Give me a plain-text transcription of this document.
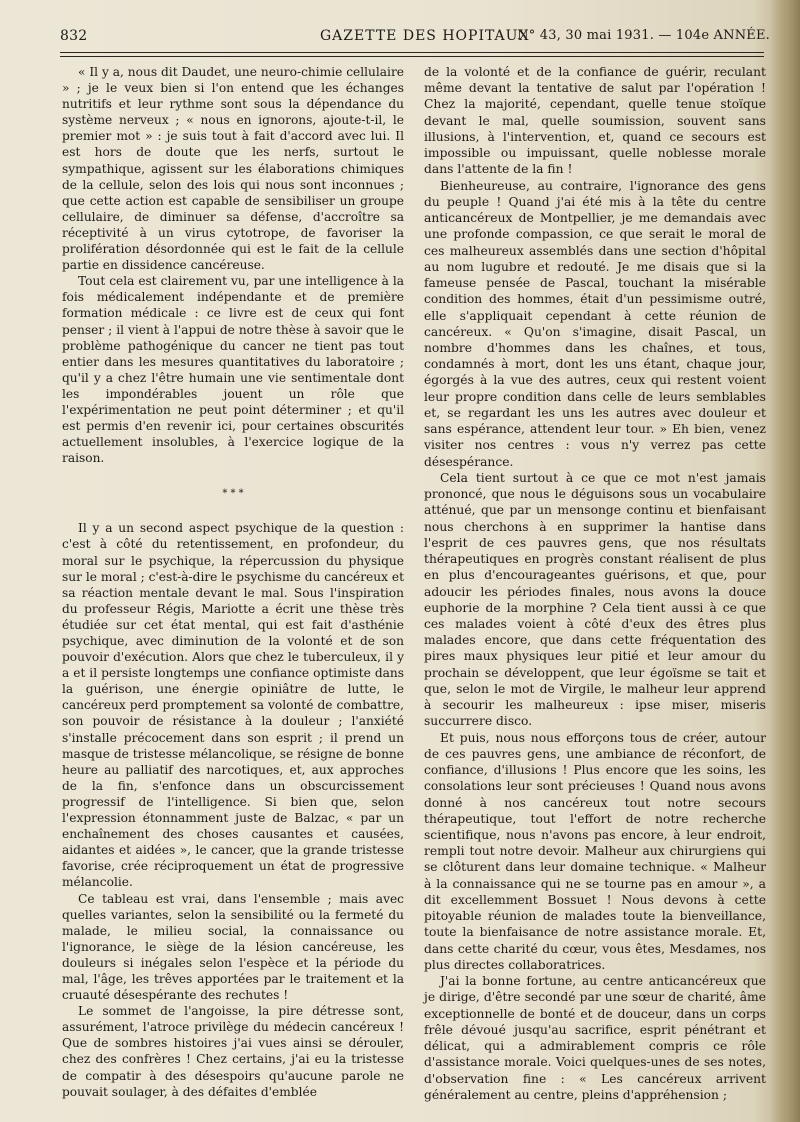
832	GAZETTE DES HOPITAUX
N° 43, 30 mai 1931. — 104e ANNÉE.

« Il y a, nous dit Daudet, une neuro-chimie cellulaire » ; je le veux bien si l'on entend que les échanges nutritifs et leur rythme sont sous la dépendance du système nerveux ; « nous en ignorons, ajoute-t-il, le premier mot » : je suis tout à fait d'accord avec lui. Il est hors de doute que les nerfs, surtout le sympathique, agissent sur les élaborations chimiques de la cellule, selon des lois qui nous sont inconnues ; que cette action est capable de sensibiliser un groupe cellulaire, de diminuer sa défense, d'accroître sa réceptivité à un virus cytotrope, de favoriser la prolifération désordonnée qui est le fait de la cellule partie en dissidence cancéreuse.

Tout cela est clairement vu, par une intelligence à la fois médicalement indépendante et de première formation médicale : ce livre est de ceux qui font penser ; il vient à l'appui de notre thèse à savoir que le problème pathogénique du cancer ne tient pas tout entier dans les mesures quantitatives du laboratoire ; qu'il y a chez l'être humain une vie sentimentale dont les impondérables jouent un rôle que l'expérimentation ne peut point déterminer ; et qu'il est permis d'en revenir ici, pour certaines obscurités actuellement insolubles, à l'exercice logique de la raison.

* * *

Il y a un second aspect psychique de la question : c'est à côté du retentissement, en profondeur, du moral sur le psychique, la répercussion du physique sur le moral ; c'est-à-dire le psychisme du cancéreux et sa réaction mentale devant le mal. Sous l'inspiration du professeur Régis, Mariotte a écrit une thèse très étudiée sur cet état mental, qui est fait d'asthénie psychique, avec diminution de la volonté et de son pouvoir d'exécution. Alors que chez le tuberculeux, il y a et il persiste longtemps une confiance optimiste dans la guérison, une énergie opiniâtre de lutte, le cancéreux perd promptement sa volonté de combattre, son pouvoir de résistance à la douleur ; l'anxiété s'installe précocement dans son esprit ; il prend un masque de tristesse mélancolique, se résigne de bonne heure au palliatif des narcotiques, et, aux approches de la fin, s'enfonce dans un obscurcissement progressif de l'intelligence. Si bien que, selon l'expression étonnamment juste de Balzac, « par un enchaînement des choses causantes et causées, aidantes et aidées », le cancer, que la grande tristesse favorise, crée réciproquement un état de progressive mélancolie.

Ce tableau est vrai, dans l'ensemble ; mais avec quelles variantes, selon la sensibilité ou la fermeté du malade, le milieu social, la connaissance ou l'ignorance, le siège de la lésion cancéreuse, les douleurs si inégales selon l'espèce et la période du mal, l'âge, les trêves apportées par le traitement et la cruauté désespérante des rechutes !

Le sommet de l'angoisse, la pire détresse sont, assurément, l'atroce privilège du médecin cancéreux ! Que de sombres histoires j'ai vues ainsi se dérouler, chez des confrères ! Chez certains, j'ai eu la tristesse de compatir à des désespoirs qu'aucune parole ne pouvait soulager, à des défaites d'emblée

de la volonté et de la confiance de guérir, reculant même devant la tentative de salut par l'opération ! Chez la majorité, cependant, quelle tenue stoïque devant le mal, quelle soumission, souvent sans illusions, à l'intervention, et, quand ce secours est impossible ou impuissant, quelle noblesse morale dans l'attente de la fin !

Bienheureuse, au contraire, l'ignorance des gens du peuple ! Quand j'ai été mis à la tête du centre anticancéreux de Montpellier, je me demandais avec une profonde compassion, ce que serait le moral de ces malheureux assemblés dans une section d'hôpital au nom lugubre et redouté. Je me disais que si la fameuse pensée de Pascal, touchant la misérable condition des hommes, était d'un pessimisme outré, elle s'appliquait cependant à cette réunion de cancéreux. « Qu'on s'imagine, disait Pascal, un nombre d'hommes dans les chaînes, et tous, condamnés à mort, dont les uns étant, chaque jour, égorgés à la vue des autres, ceux qui restent voient leur propre condition dans celle de leurs semblables et, se regardant les uns les autres avec douleur et sans espérance, attendent leur tour. » Eh bien, venez visiter nos centres : vous n'y verrez pas cette désespérance.

Cela tient surtout à ce que ce mot n'est jamais prononcé, que nous le déguisons sous un vocabulaire atténué, que par un mensonge continu et bienfaisant nous cherchons à en supprimer la hantise dans l'esprit de ces pauvres gens, que nos résultats thérapeutiques en progrès constant réalisent de plus en plus d'encourageantes guérisons, et que, pour adoucir les périodes finales, nous avons la douce euphorie de la morphine ? Cela tient aussi à ce que ces malades voient à côté d'eux des êtres plus malades encore, que dans cette fréquentation des pires maux physiques leur pitié et leur amour du prochain se développent, que leur égoïsme se tait et que, selon le mot de Virgile, le malheur leur apprend à secourir les malheureux : ipse miser, miseris succurrere disco.

Et puis, nous nous efforçons tous de créer, autour de ces pauvres gens, une ambiance de réconfort, de confiance, d'illusions ! Plus encore que les soins, les consolations leur sont précieuses ! Quand nous avons donné à nos cancéreux tout notre secours thérapeutique, tout l'effort de notre recherche scientifique, nous n'avons pas encore, à leur endroit, rempli tout notre devoir. Malheur aux chirurgiens qui se clôturent dans leur domaine technique. « Malheur à la connaissance qui ne se tourne pas en amour », a dit excellemment Bossuet ! Nous devons à cette pitoyable réunion de malades toute la bienveillance, toute la bienfaisance de notre assistance morale. Et, dans cette charité du cœur, vous êtes, Mesdames, nos plus directes collaboratrices.

J'ai la bonne fortune, au centre anticancéreux que je dirige, d'être secondé par une sœur de charité, âme exceptionnelle de bonté et de douceur, dans un corps frêle dévoué jusqu'au sacrifice, esprit pénétrant et délicat, qui a admirablement compris ce rôle d'assistance morale. Voici quelques-unes de ses notes, d'observation fine : « Les cancéreux arrivent généralement au centre, pleins d'appréhension ;
